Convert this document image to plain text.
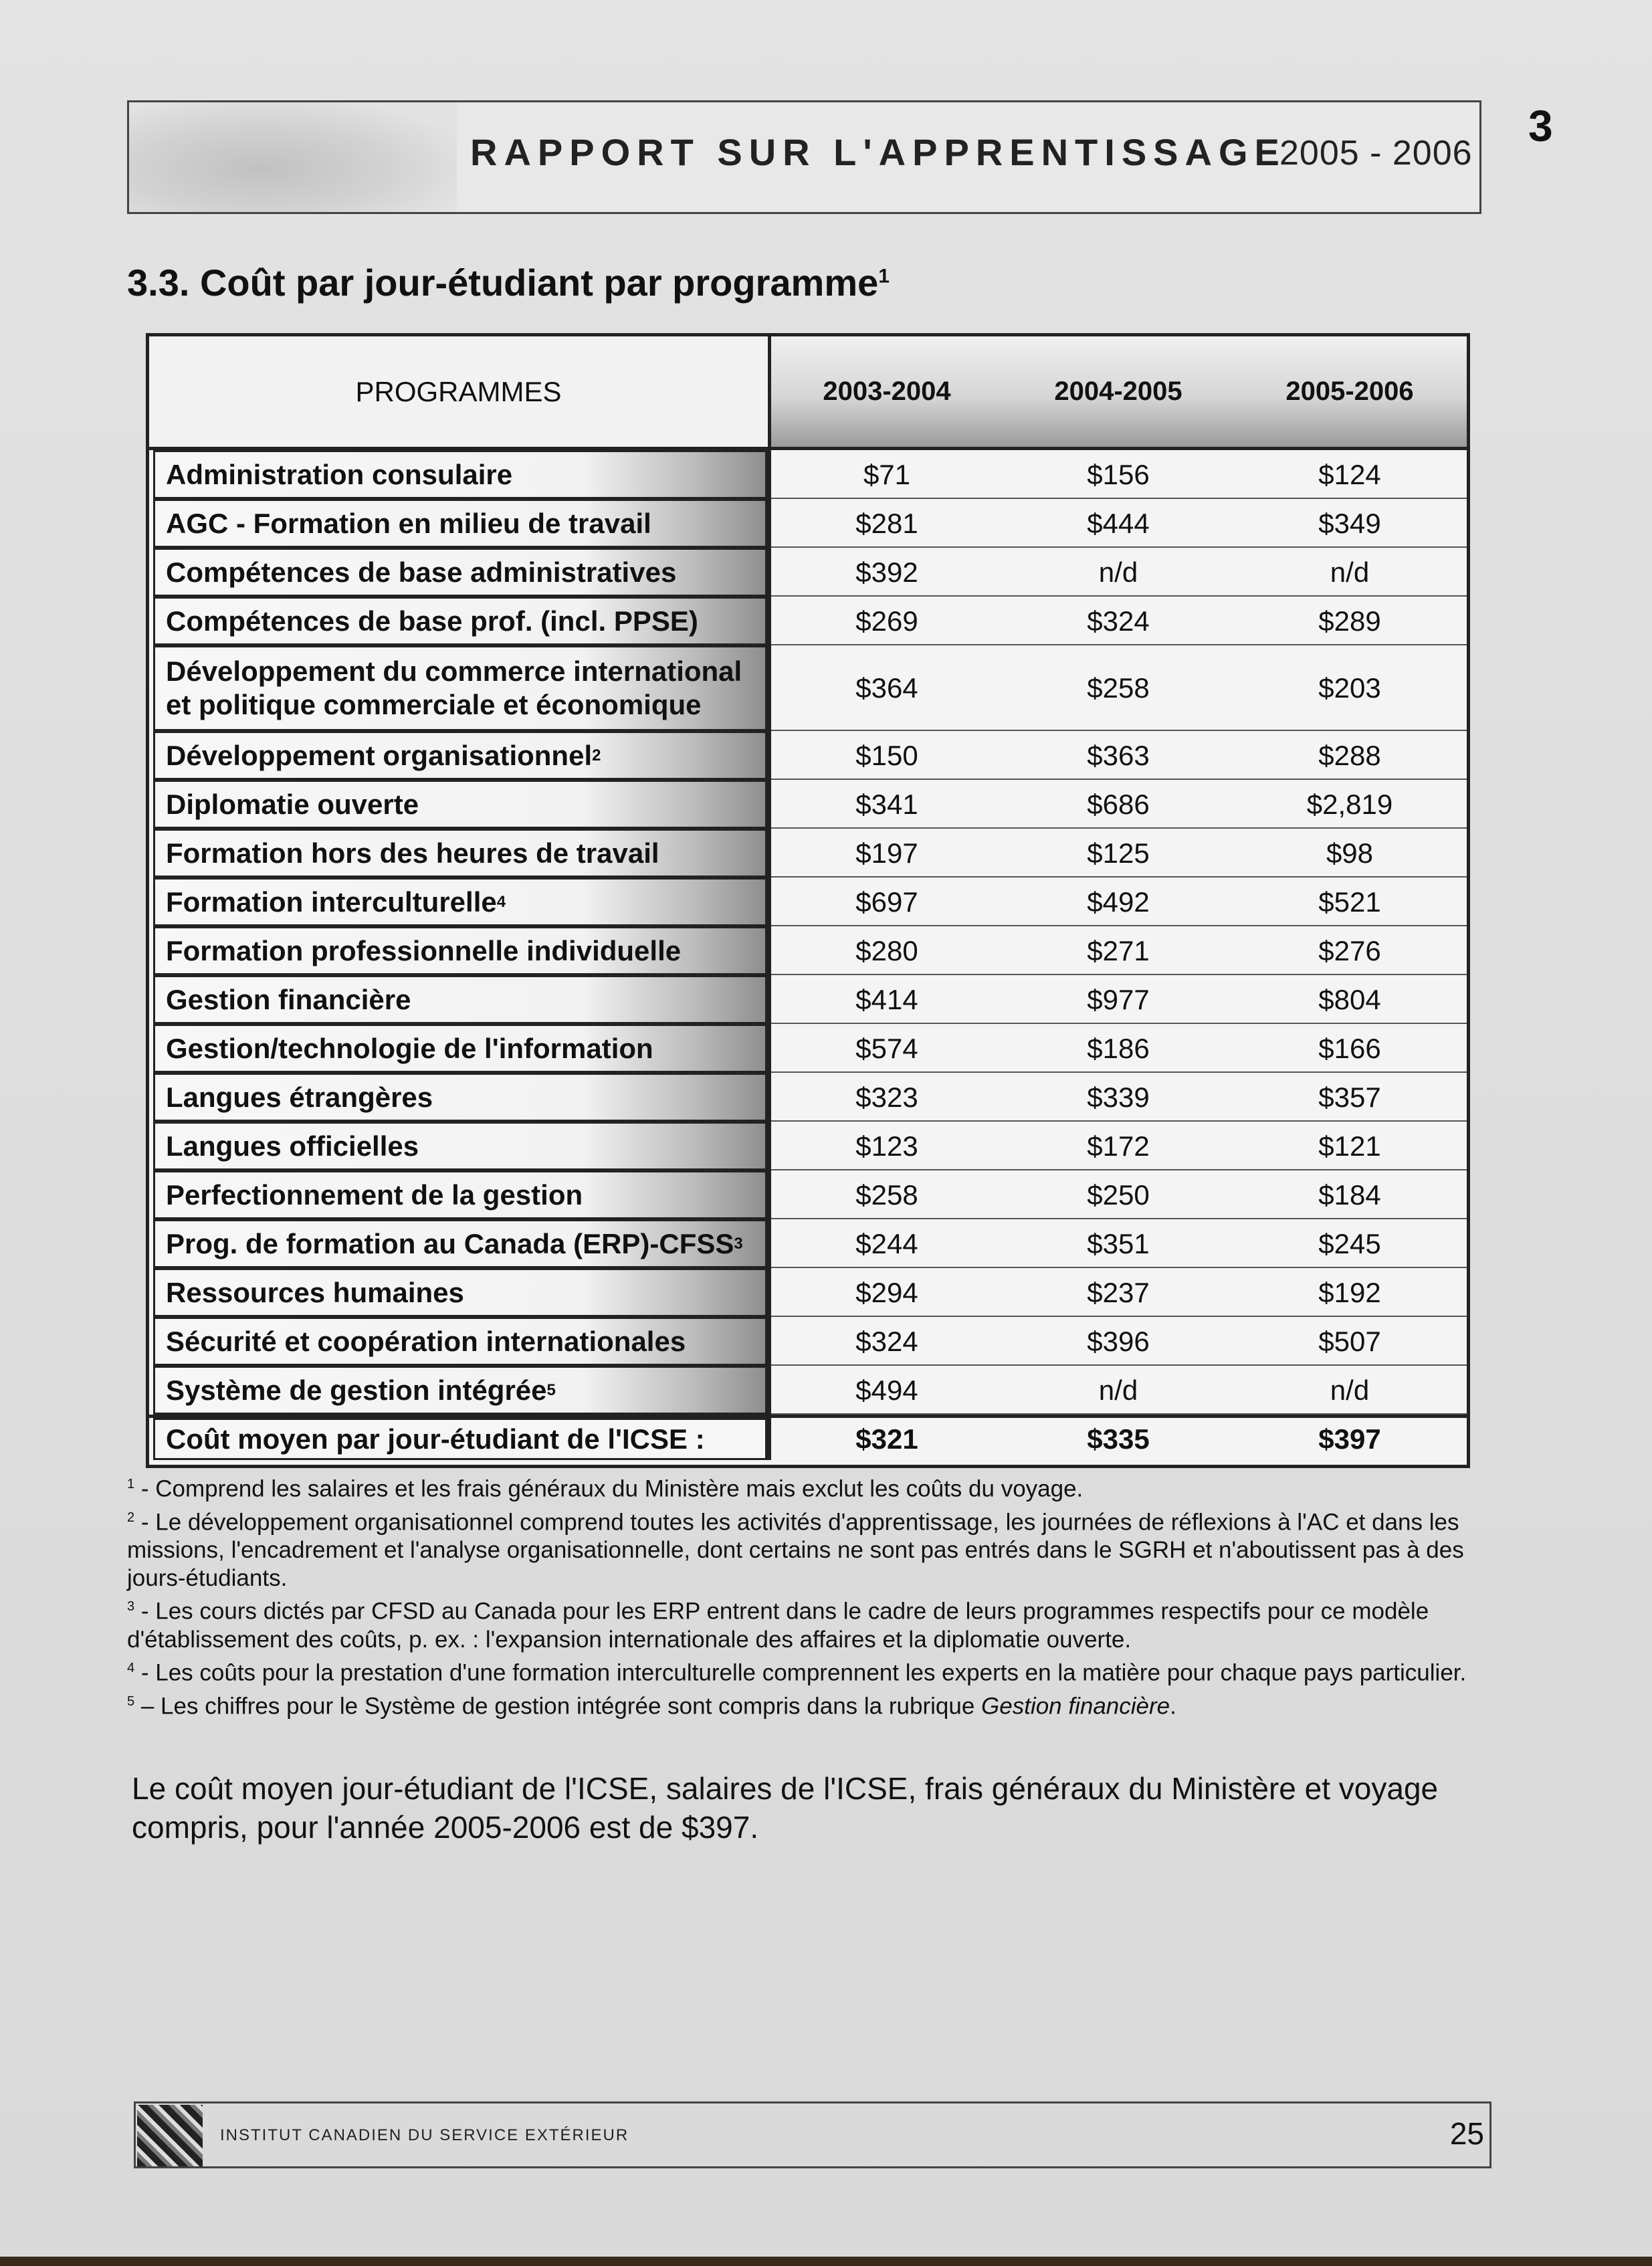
RAPPORT SUR L'APPRENTISSAGE
2005 - 2006
3
3.3. Coût par jour-étudiant par programme$^1$
PROGRAMMES	2003-2004	2004-2005	2005-2006
Administration consulaire	$71	$156	$124
AGC - Formation en milieu de travail	$281	$444	$349
Compétences de base administratives	$392	n/d	n/d
Compétences de base prof. (incl. PPSE)	$269	$324	$289
Développement du commerce international et politique commerciale et économique
$364	$258	$203
Développement organisationnel 2	$150	$363	$288
Diplomatie ouverte	$341	$686	$2,819
Formation hors des heures de travail	$197	$125	$98
Formation interculturelle 4	$697	$492	$521
Formation professionnelle individuelle	$280	$271	$276
Gestion financière	$414	$977	$804
Gestion/technologie de l'information	$574	$186	$166
Langues étrangères	$323	$339	$357
Langues officielles	$123	$172	$121
Perfectionnement de la gestion	$258	$250	$184
Prog. de formation au Canada (ERP)-CFSS 3	$244	$351	$245
Ressources humaines	$294	$237	$192
Sécurité et coopération internationales	$324	$396	$507
Système de gestion intégrée 5	$494	n/d	n/d
Coût moyen par jour-étudiant de l'ICSE :	$321	$335	$397

$^1$ - Comprend les salaires et les frais généraux du Ministère mais exclut les coûts du voyage.

$^2$ - Le développement organisationnel comprend toutes les activités d'apprentissage, les journées de réflexions à l'AC et dans les missions, l'encadrement et l'analyse organisationnelle, dont certains ne sont pas entrés dans le SGRH et n'aboutissent pas à des jours-étudiants.

$^3$ - Les cours dictés par CFSD au Canada pour les ERP entrent dans le cadre de leurs programmes respectifs pour ce modèle d'établissement des coûts, p. ex. : l'expansion internationale des affaires et la diplomatie ouverte.

$^4$ - Les coûts pour la prestation d'une formation interculturelle comprennent les experts en la matière pour chaque pays particulier.

$^5$ – Les chiffres pour le Système de gestion intégrée sont compris dans la rubrique Gestion financière.

Le coût moyen jour-étudiant de l'ICSE, salaires de l'ICSE, frais généraux du Ministère et voyage compris, pour l'année 2005-2006 est de $397.
INSTITUT CANADIEN DU SERVICE EXTÉRIEUR	25
